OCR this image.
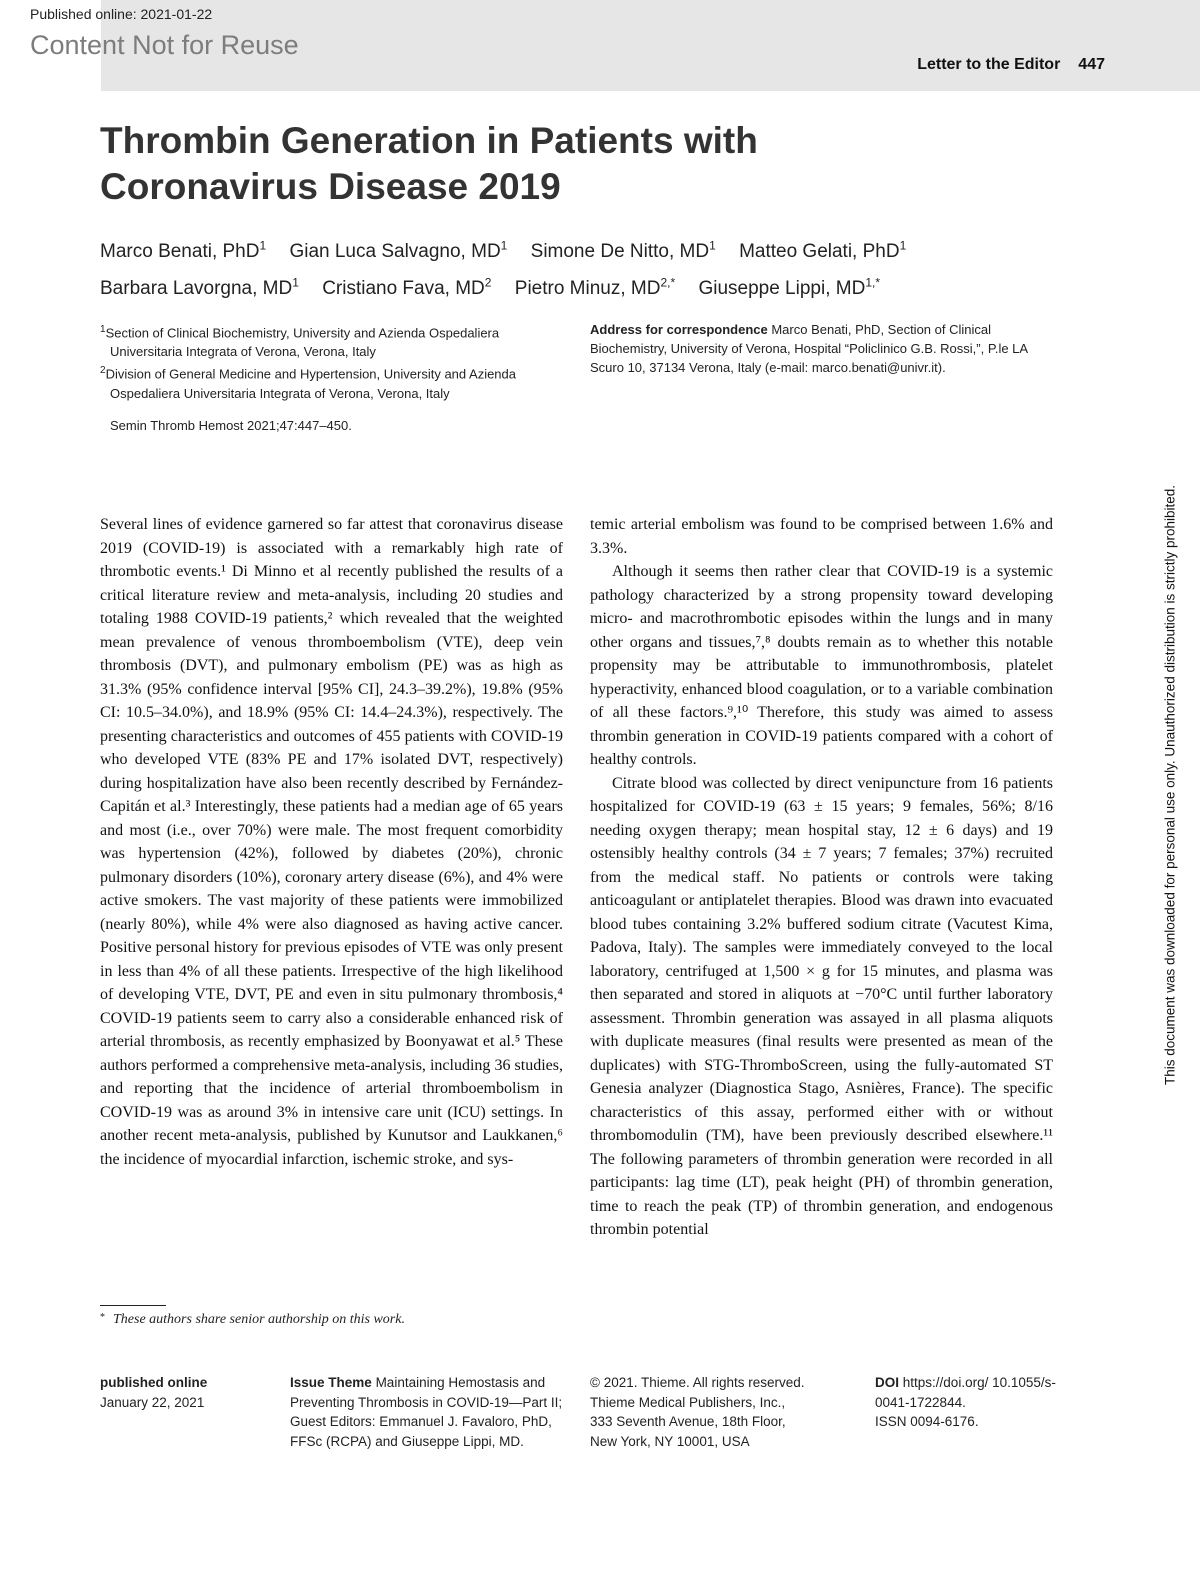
Published online: 2021-01-22
Content Not for Reuse
Letter to the Editor 447
Thrombin Generation in Patients with Coronavirus Disease 2019
Marco Benati, PhD$^1$ Gian Luca Salvagno, $MD^1$ Simone De Nitto, $MD^1$ Matteo Gelati, PhD$^1$
Barbara Lavorgna, $MD^1$ Cristiano Fava, $MD^2$ Pietro Minuz, $MD^{2,*}$ Giuseppe Lippi, $MD^{1,*}$

$^1$Section of Clinical Biochemistry, University and Azienda Ospedaliera Universitaria Integrata of Verona, Verona, Italy

$^2$Division of General Medicine and Hypertension, University and Azienda Ospedaliera Universitaria Integrata of Verona, Verona, Italy

Address for correspondence Marco Benati, PhD, Section of Clinical Biochemistry, University of Verona, Hospital “Policlinico G.B. Rossi,”, P.le LA Scuro 10, 37134 Verona, Italy (e-mail: marco.benati@univr.it).
Semin Thromb Hemost 2021;47:447–450.

Several lines of evidence garnered so far attest that coronavirus disease 2019 (COVID-19) is associated with a remarkably high rate of thrombotic events.¹ Di Minno et al recently published the results of a critical literature review and meta-analysis, including 20 studies and totaling 1988 COVID-19 patients,² which revealed that the weighted mean prevalence of venous thromboembolism (VTE), deep vein thrombosis (DVT), and pulmonary embolism (PE) was as high as 31.3% (95% confidence interval [95% CI], 24.3–39.2%), 19.8% (95% CI: 10.5–34.0%), and 18.9% (95% CI: 14.4–24.3%), respectively. The presenting characteristics and outcomes of 455 patients with COVID-19 who developed VTE (83% PE and 17% isolated DVT, respectively) during hospitalization have also been recently described by Fernández-Capitán et al.³ Interestingly, these patients had a median age of 65 years and most (i.e., over 70%) were male. The most frequent comorbidity was hypertension (42%), followed by diabetes (20%), chronic pulmonary disorders (10%), coronary artery disease (6%), and 4% were active smokers. The vast majority of these patients were immobilized (nearly 80%), while 4% were also diagnosed as having active cancer. Positive personal history for previous episodes of VTE was only present in less than 4% of all these patients. Irrespective of the high likelihood of developing VTE, DVT, PE and even in situ pulmonary thrombosis,⁴ COVID-19 patients seem to carry also a considerable enhanced risk of arterial thrombosis, as recently emphasized by Boonyawat et al.⁵ These authors performed a comprehensive meta-analysis, including 36 studies, and reporting that the incidence of arterial thromboembolism in COVID-19 was as around 3% in intensive care unit (ICU) settings. In another recent meta-analysis, published by Kunutsor and Laukkanen,⁶ the incidence of myocardial infarction, ischemic stroke, and sys-

temic arterial embolism was found to be comprised between 1.6% and 3.3%.

Although it seems then rather clear that COVID-19 is a systemic pathology characterized by a strong propensity toward developing micro- and macrothrombotic episodes within the lungs and in many other organs and tissues,⁷,⁸ doubts remain as to whether this notable propensity may be attributable to immunothrombosis, platelet hyperactivity, enhanced blood coagulation, or to a variable combination of all these factors.⁹,¹⁰ Therefore, this study was aimed to assess thrombin generation in COVID-19 patients compared with a cohort of healthy controls.

Citrate blood was collected by direct venipuncture from 16 patients hospitalized for COVID-19 (63 ± 15 years; 9 females, 56%; 8/16 needing oxygen therapy; mean hospital stay, 12 ± 6 days) and 19 ostensibly healthy controls (34 ± 7 years; 7 females; 37%) recruited from the medical staff. No patients or controls were taking anticoagulant or antiplatelet therapies. Blood was drawn into evacuated blood tubes containing 3.2% buffered sodium citrate (Vacutest Kima, Padova, Italy). The samples were immediately conveyed to the local laboratory, centrifuged at 1,500 × g for 15 minutes, and plasma was then separated and stored in aliquots at −70°C until further laboratory assessment. Thrombin generation was assayed in all plasma aliquots with duplicate measures (final results were presented as mean of the duplicates) with STG-ThromboScreen, using the fully-automated ST Genesia analyzer (Diagnostica Stago, Asnières, France). The specific characteristics of this assay, performed either with or without thrombomodulin (TM), have been previously described elsewhere.¹¹ The following parameters of thrombin generation were recorded in all participants: lag time (LT), peak height (PH) of thrombin generation, time to reach the peak (TP) of thrombin generation, and endogenous thrombin potential

* These authors share senior authorship on this work.
published online
January 22, 2021
Issue Theme Maintaining Hemostasis and Preventing Thrombosis in COVID-19—Part II; Guest Editors: Emmanuel J. Favaloro, PhD, FFSc (RCPA) and Giuseppe Lippi, MD.
© 2021. Thieme. All rights reserved.
Thieme Medical Publishers, Inc.,
333 Seventh Avenue, 18th Floor,
New York, NY 10001, USA
DOI https://doi.org/ 10.1055/s-0041-1722844.
ISSN 0094-6176.
This document was downloaded for personal use only. Unauthorized distribution is strictly prohibited.
